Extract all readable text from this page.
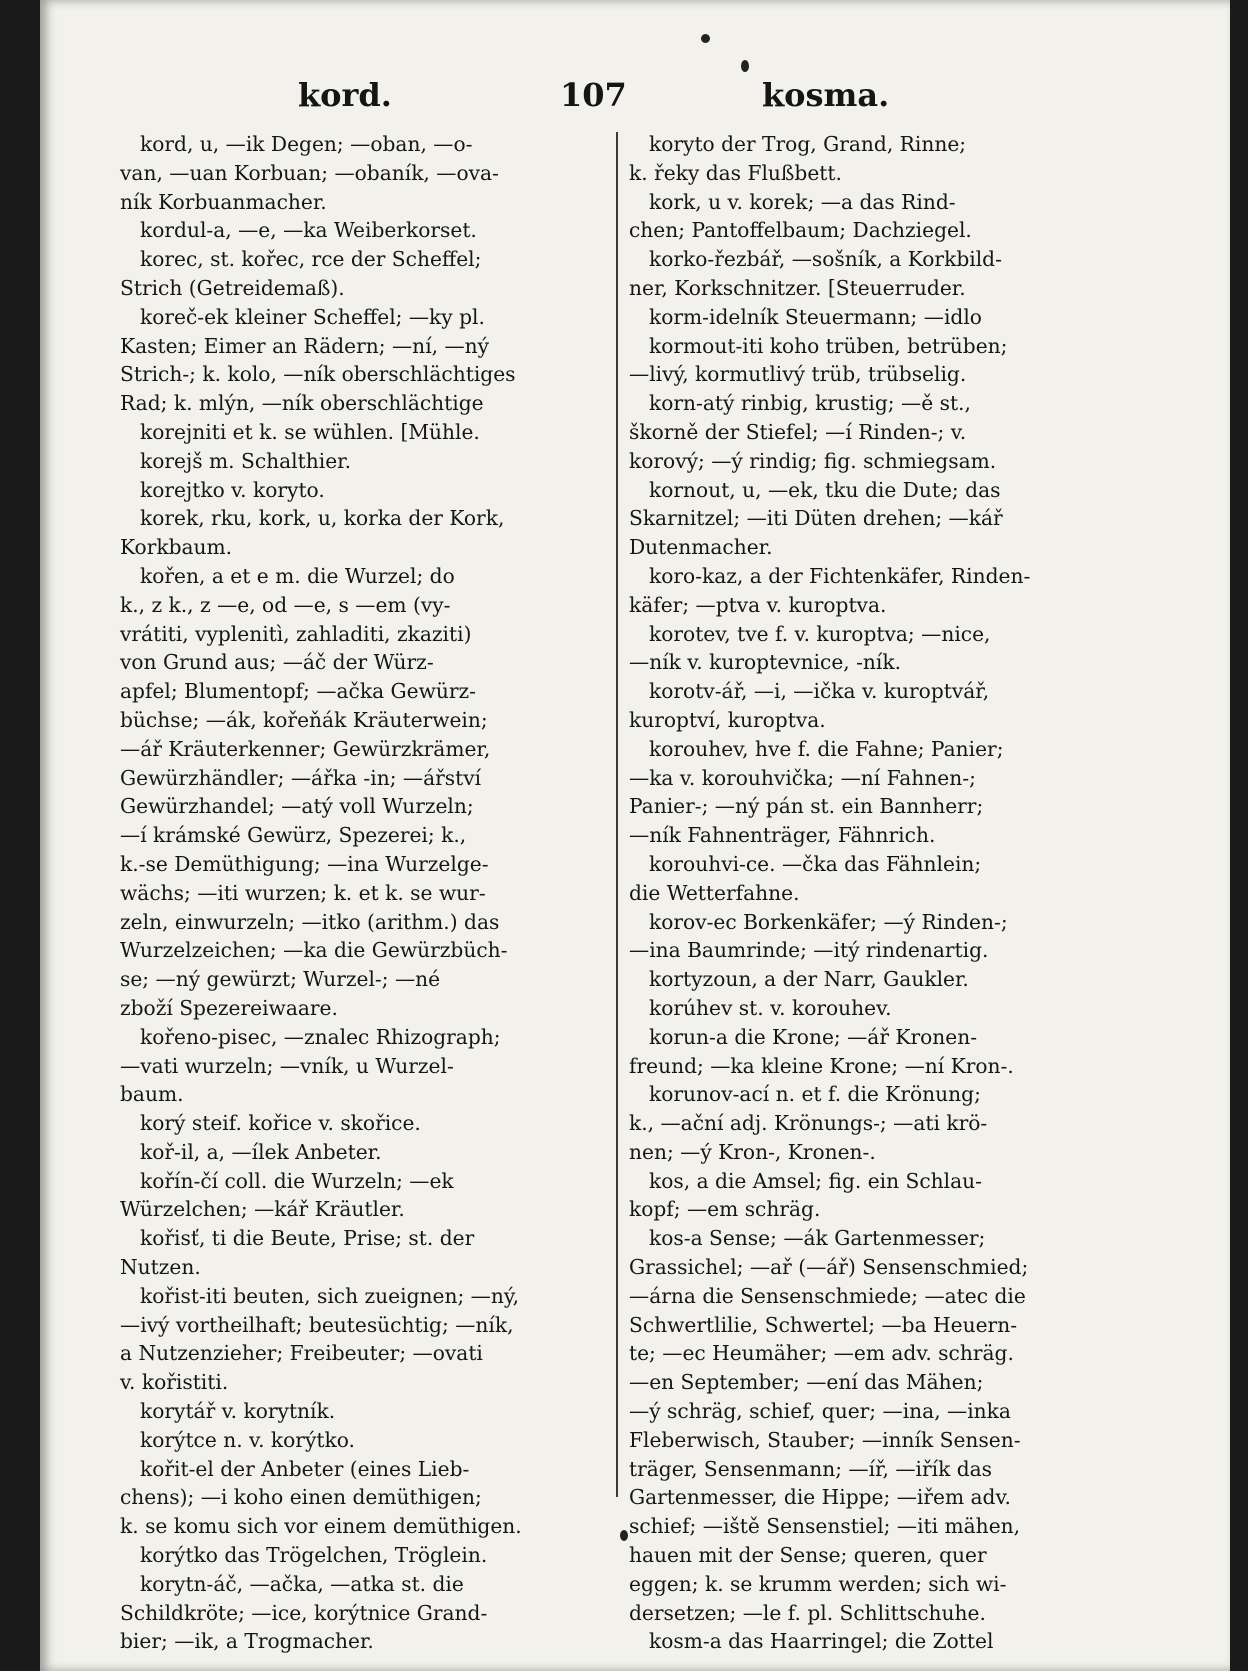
kord.	107	kosma.
kord, u, —ik Degen; —oban, —o-
van, —uan Korbuan; —obaník, —ova-
ník Korbuanmacher.
kordul-a, —e, —ka Weiberkorset.
korec, st. kořec, rce der Scheffel;
Strich (Getreidemaß).
koreč-ek kleiner Scheffel; —ky pl.
Kasten; Eimer an Rädern; —ní, —ný
Strich-; k. kolo, —ník oberschlächtiges
Rad; k. mlýn, —ník oberschlächtige
korejniti et k. se wühlen. [Mühle.
korejš m. Schalthier.
korejtko v. koryto.
korek, rku, kork, u, korka der Kork,
Korkbaum.
kořen, a et e m. die Wurzel; do
k., z k., z —e, od —e, s —em (vy-
vrátiti, vyplenitì, zahladiti, zkaziti)
von Grund aus; —áč der Würz-
apfel; Blumentopf; —ačka Gewürz-
büchse; —ák, kořeňák Kräuterwein;
—ář Kräuterkenner; Gewürzkrämer,
Gewürzhändler; —ářka -in; —ářství
Gewürzhandel; —atý voll Wurzeln;
—í krámské Gewürz, Spezerei; k.,
k.-se Demüthigung; —ina Wurzelge-
wächs; —iti wurzen; k. et k. se wur-
zeln, einwurzeln; —itko (arithm.) das
Wurzelzeichen; —ka die Gewürzbüch-
se; —ný gewürzt; Wurzel-; —né
zboží Spezereiwaare.
kořeno-pisec, —znalec Rhizograph;
—vati wurzeln; —vník, u Wurzel-
baum.
korý steif. kořice v. skořice.
koř-il, a, —ílek Anbeter.
kořín-čí coll. die Wurzeln; —ek
Würzelchen; —kář Kräutler.
kořisť, ti die Beute, Prise; st. der
Nutzen.
kořist-iti beuten, sich zueignen; —ný,
—ivý vortheilhaft; beutesüchtig; —ník,
a Nutzenzieher; Freibeuter; —ovati
v. kořistiti.
korytář v. korytník.
korýtce n. v. korýtko.
kořit-el der Anbeter (eines Lieb-
chens); —i koho einen demüthigen;
k. se komu sich vor einem demüthigen.
korýtko das Trögelchen, Tröglein.
korytn-áč, —ačka, —atka st. die
Schildkröte; —ice, korýtnice Grand-
bier; —ik, a Trogmacher.
koryto der Trog, Grand, Rinne;
k. řeky das Flußbett.
kork, u v. korek; —a das Rind-
chen; Pantoffelbaum; Dachziegel.
korko-řezbář, —sošník, a Korkbild-
ner, Korkschnitzer. [Steuerruder.
korm-idelník Steuermann; —idlo
kormout-iti koho trüben, betrüben;
—livý, kormutlivý trüb, trübselig.
korn-atý rinbig, krustig; —ě st.,
škorně der Stiefel; —í Rinden-; v.
korový; —ý rindig; fig. schmiegsam.
kornout, u, —ek, tku die Dute; das
Skarnitzel; —iti Düten drehen; —kář
Dutenmacher.
koro-kaz, a der Fichtenkäfer, Rinden-
käfer; —ptva v. kuroptva.
korotev, tve f. v. kuroptva; —nice,
—ník v. kuroptevnice, -ník.
korotv-ář, —i, —ička v. kuroptvář,
kuroptví, kuroptva.
korouhev, hve f. die Fahne; Panier;
—ka v. korouhvička; —ní Fahnen-;
Panier-; —ný pán st. ein Bannherr;
—ník Fahnenträger, Fähnrich.
korouhvi-ce. —čka das Fähnlein;
die Wetterfahne.
korov-ec Borkenkäfer; —ý Rinden-;
—ina Baumrinde; —itý rindenartig.
kortyzoun, a der Narr, Gaukler.
korúhev st. v. korouhev.
korun-a die Krone; —ář Kronen-
freund; —ka kleine Krone; —ní Kron-.
korunov-ací n. et f. die Krönung;
k., —ační adj. Krönungs-; —ati krö-
nen; —ý Kron-, Kronen-.
kos, a die Amsel; fig. ein Schlau-
kopf; —em schräg.
kos-a Sense; —ák Gartenmesser;
Grassichel; —ař (—ář) Sensenschmied;
—árna die Sensenschmiede; —atec die
Schwertlilie, Schwertel; —ba Heuern-
te; —ec Heumäher; —em adv. schräg.
—en September; —ení das Mähen;
—ý schräg, schief, quer; —ina, —inka
Fleberwisch, Stauber; —inník Sensen-
träger, Sensenmann; —íř, —iřík das
Gartenmesser, die Hippe; —iřem adv.
schief; —iště Sensenstiel; —iti mähen,
hauen mit der Sense; queren, quer
eggen; k. se krumm werden; sich wi-
dersetzen; —le f. pl. Schlittschuhe.
kosm-a das Haarringel; die Zottel
